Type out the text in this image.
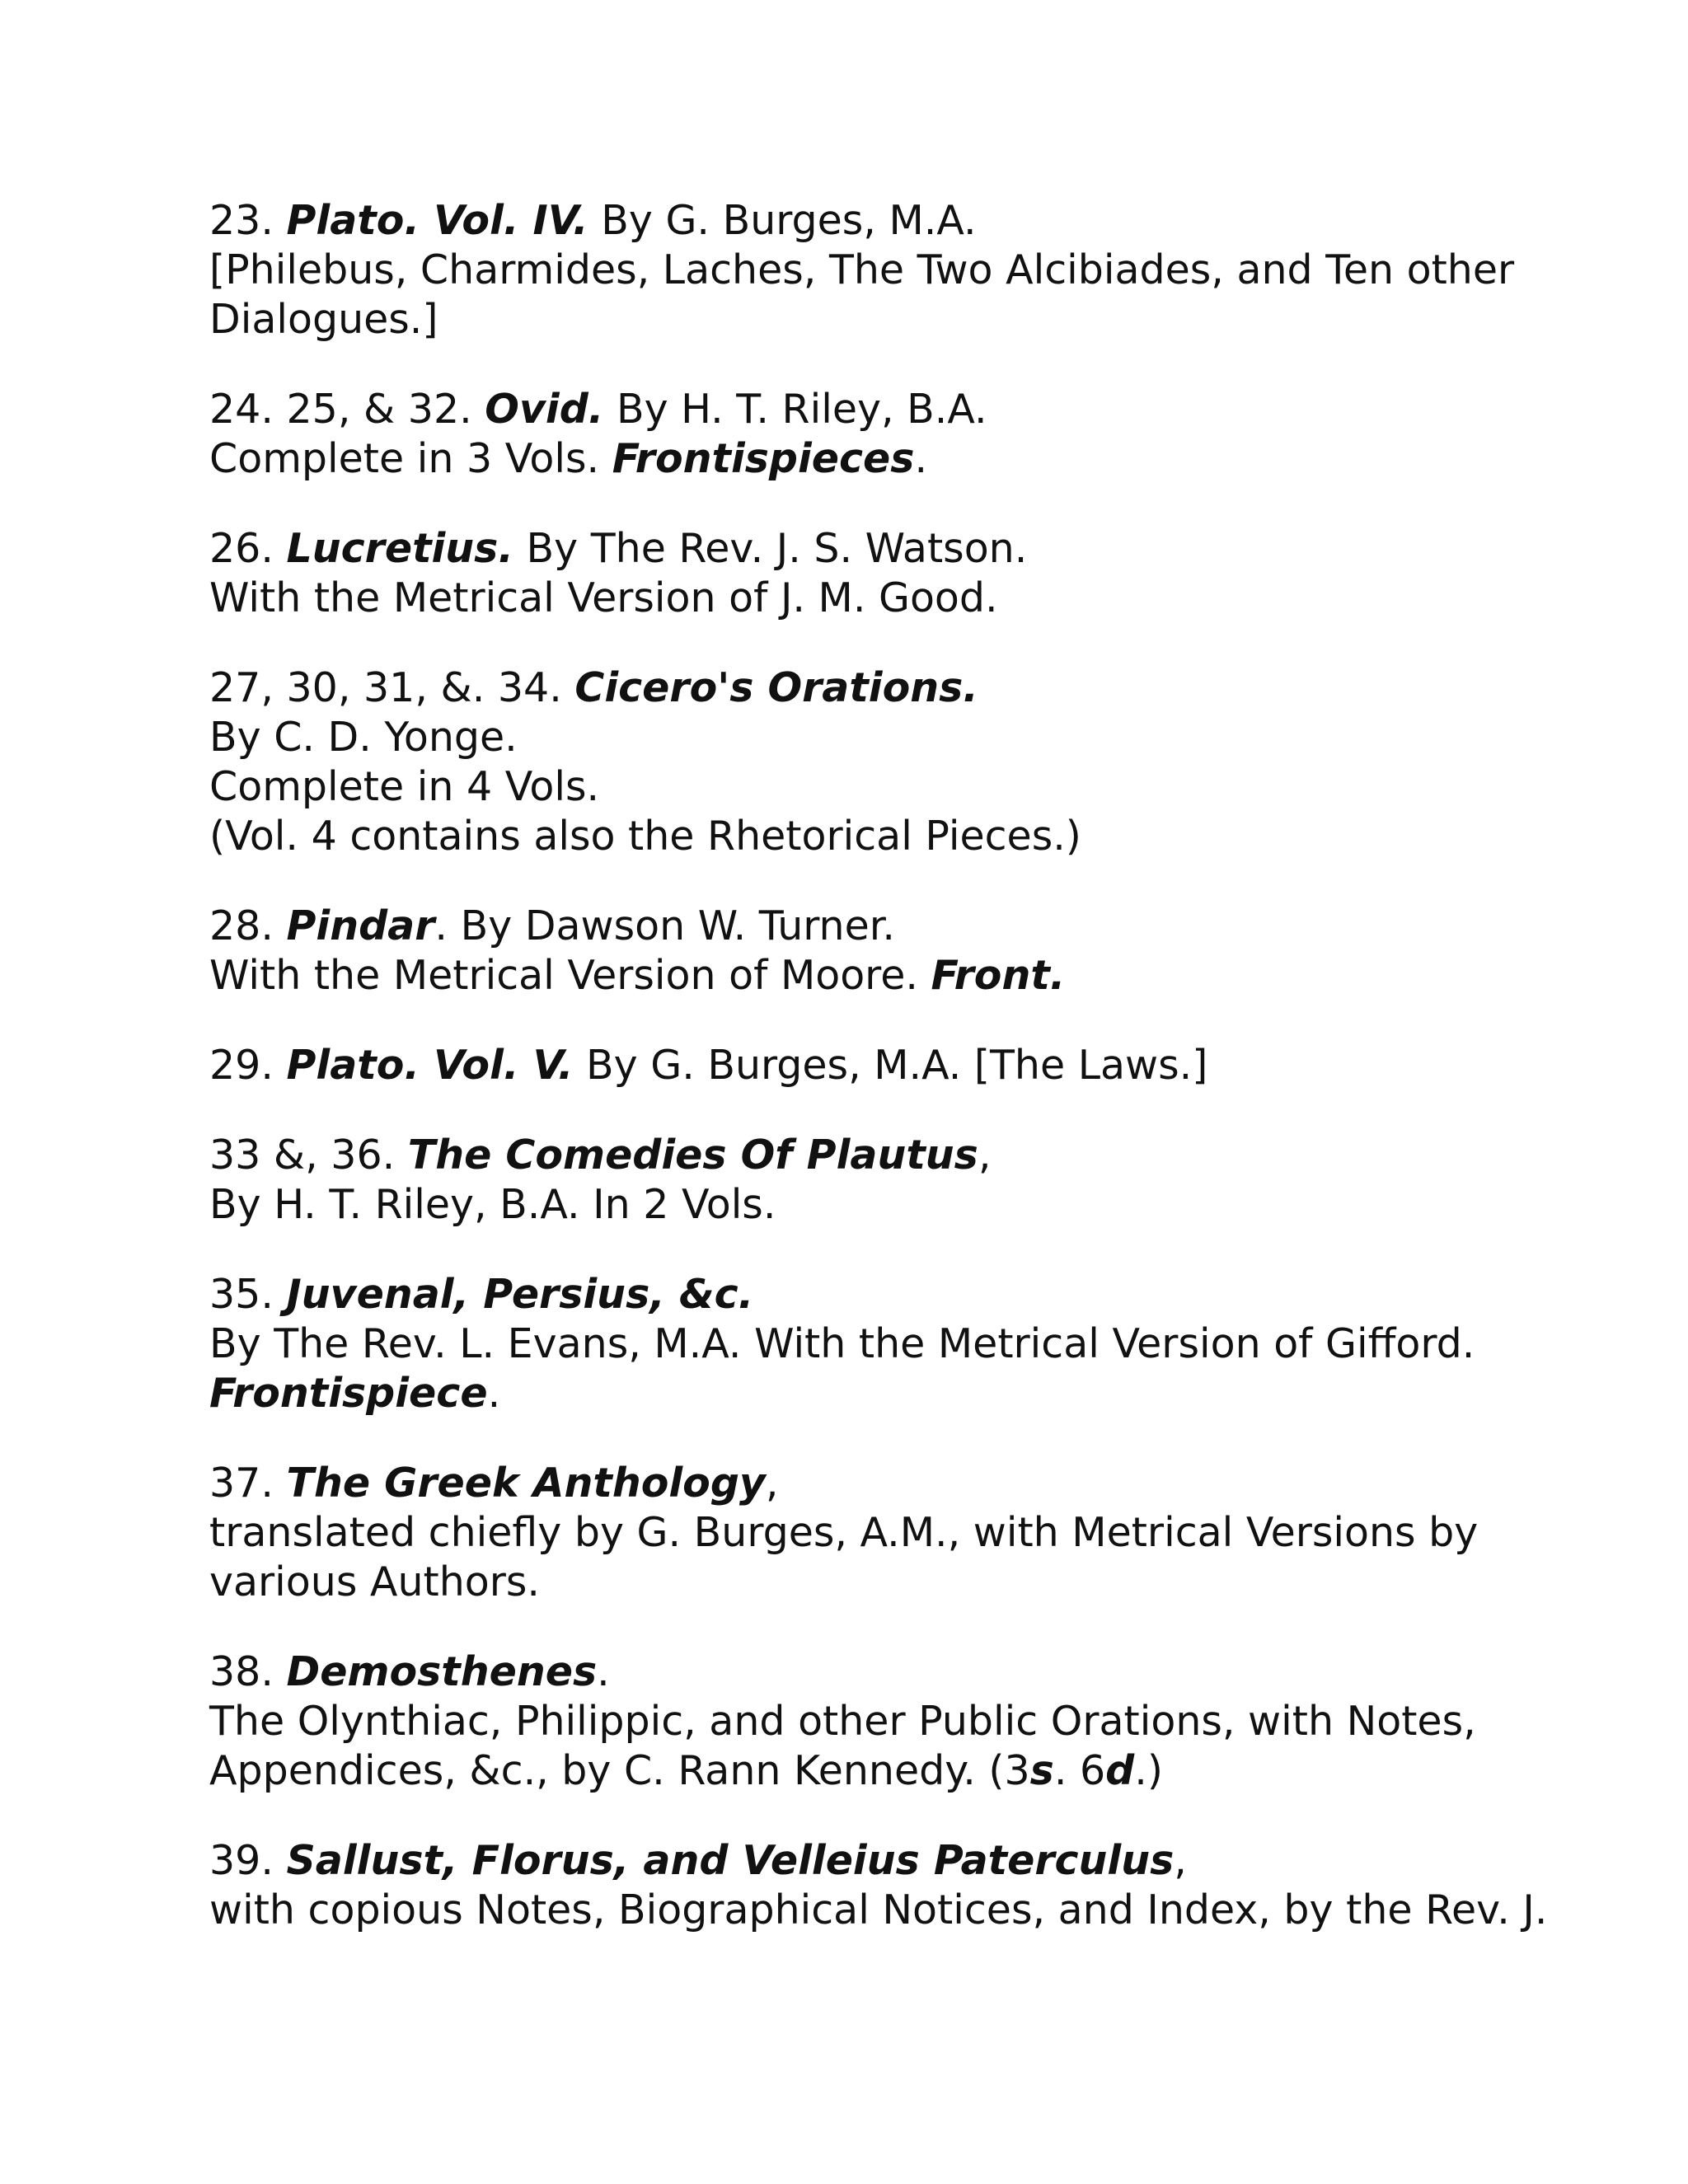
23. Plato. Vol. IV. By G. Burges, M.A.
[Philebus, Charmides, Laches, The Two Alcibiades, and Ten other
Dialogues.]
24. 25, & 32. Ovid. By H. T. Riley, B.A.
Complete in 3 Vols. Frontispieces.
26. Lucretius. By The Rev. J. S. Watson.
With the Metrical Version of J. M. Good.
27, 30, 31, &. 34. Cicero's Orations.
By C. D. Yonge.
Complete in 4 Vols.
(Vol. 4 contains also the Rhetorical Pieces.)
28. Pindar. By Dawson W. Turner.
With the Metrical Version of Moore. Front.
29. Plato. Vol. V. By G. Burges, M.A. [The Laws.]
33 &, 36. The Comedies Of Plautus,
By H. T. Riley, B.A. In 2 Vols.
35. Juvenal, Persius, &c.
By The Rev. L. Evans, M.A. With the Metrical Version of Gifford.
Frontispiece.
37. The Greek Anthology,
translated chiefly by G. Burges, A.M., with Metrical Versions by
various Authors.
38. Demosthenes.
The Olynthiac, Philippic, and other Public Orations, with Notes,
Appendices, &c., by C. Rann Kennedy. (3s. 6d.)
39. Sallust, Florus, and Velleius Paterculus,
with copious Notes, Biographical Notices, and Index, by the Rev. J.
